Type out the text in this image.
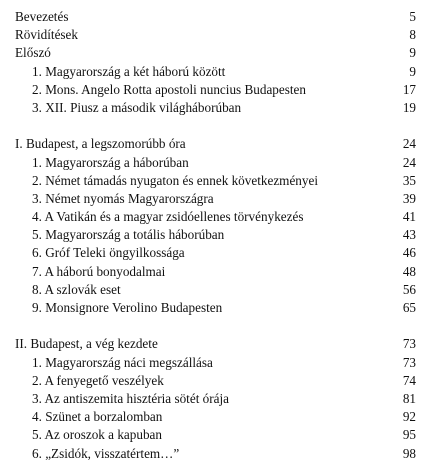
Bevezetés	5
Rövidítések	8
Előszó	9
1. Magyarország a két háború között	9
2. Mons. Angelo Rotta apostoli nuncius Budapesten	17
3. XII. Piusz a második világháborúban	19
I. Budapest, a legszomorúbb óra	24
1. Magyarország a háborúban	24
2. Német támadás nyugaton és ennek következményei	35
3. Német nyomás Magyarországra	39
4. A Vatikán és a magyar zsidóellenes törvénykezés	41
5. Magyarország a totális háborúban	43
6. Gróf Teleki öngyilkossága	46
7. A háború bonyodalmai	48
8. A szlovák eset	56
9. Monsignore Verolino Budapesten	65
II. Budapest, a vég kezdete	73
1. Magyarország náci megszállása	73
2. A fenyegető veszélyek	74
3. Az antiszemita hisztéria sötét órája	81
4. Szünet a borzalomban	92
5. Az oroszok a kapuban	95
6. „Zsidók, visszatértem…”	98
